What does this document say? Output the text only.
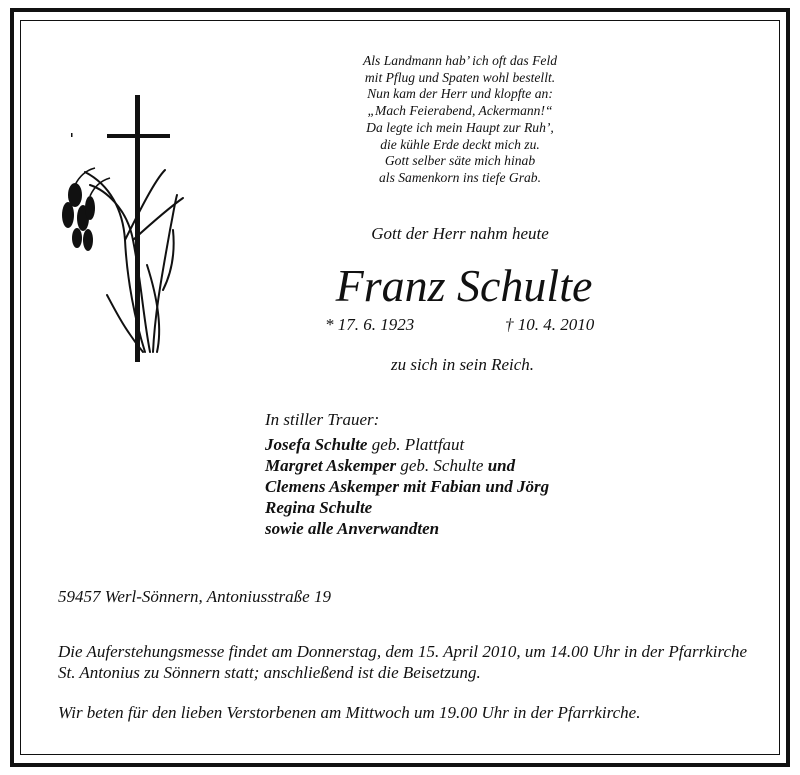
Als Landmann hab’ ich oft das Feld
mit Pflug und Spaten wohl bestellt.
Nun kam der Herr und klopfte an:
„Mach Feierabend, Ackermann!“
Da legte ich mein Haupt zur Ruh’,
die kühle Erde deckt mich zu.
Gott selber säte mich hinab
als Samenkorn ins tiefe Grab.
Gott der Herr nahm heute
Franz Schulte
* 17. 6. 1923	† 10. 4. 2010
zu sich in sein Reich.
In stiller Trauer:
Josefa Schulte geb. Plattfaut
Margret Askemper geb. Schulte und
Clemens Askemper mit Fabian und Jörg
Regina Schulte
sowie alle Anverwandten
59457 Werl-Sönnern, Antoniusstraße 19
Die Auferstehungsmesse findet am Donnerstag, dem 15. April 2010, um 14.00 Uhr in der Pfarrkirche St. Antonius zu Sönnern statt; anschließend ist die Beisetzung.
Wir beten für den lieben Verstorbenen am Mittwoch um 19.00 Uhr in der Pfarrkirche.
